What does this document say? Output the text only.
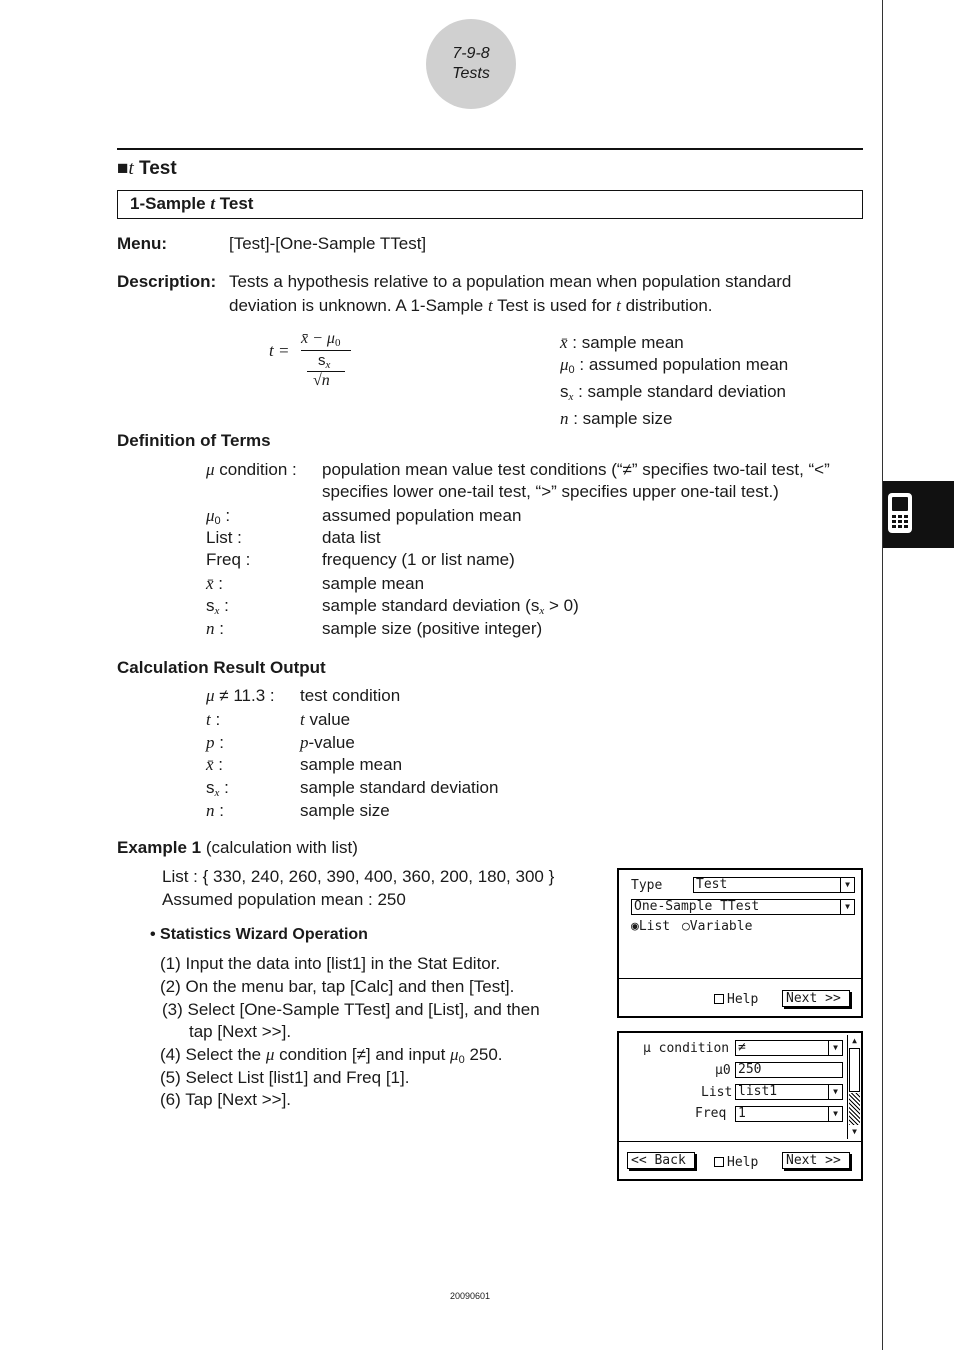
7-9-8
Tests
■t Test
1-Sample t Test
Menu:	[Test]-[One-Sample TTest]
Description: Tests a hypothesis relative to a population mean when population standard
deviation is unknown. A 1-Sample t Test is used for t distribution.
t =
x̄ − $\mu_0$
$s_x$
√n
x̄ : sample mean
$\mu_0$ : assumed population mean
$s_x$ : sample standard deviation
n : sample size
Definition of Terms
μ condition : population mean value test conditions (“≠” specifies two-tail test, “<”
specifies lower one-tail test, “>” specifies upper one-tail test.)
$\mu_0$ :	assumed population mean
List :	data list
Freq :	frequency (1 or list name)
x̄ :	sample mean
$s_x$ :	sample standard deviation $(s_x > 0)$
n :	sample size (positive integer)
Calculation Result Output
μ ≠ 11.3 : test condition
t :	t value
p :	p-value
x̄ :	sample mean
$s_x$ :	sample standard deviation
n :	sample size
Example 1 (calculation with list)
List : { 330, 240, 260, 390, 400, 360, 200, 180, 300 }
Assumed population mean : 250
• Statistics Wizard Operation
(1) Input the data into [list1] in the Stat Editor.
(2) On the menu bar, tap [Calc] and then [Test].
(3) Select [One-Sample TTest] and [List], and then
tap [Next >>].
(4) Select the μ condition [≠] and input $\mu_0$ 250.
(5) Select List [list1] and Freq [1].
(6) Tap [Next >>].
Type	Test	▼
One-Sample TTest	▼
◉List ○Variable
Help	Next >>
μ condition ≠	▼
μ0 250
List list1	▼
Freq 1	▼
▲
▼
<< Back	Help	Next >>
20090601
